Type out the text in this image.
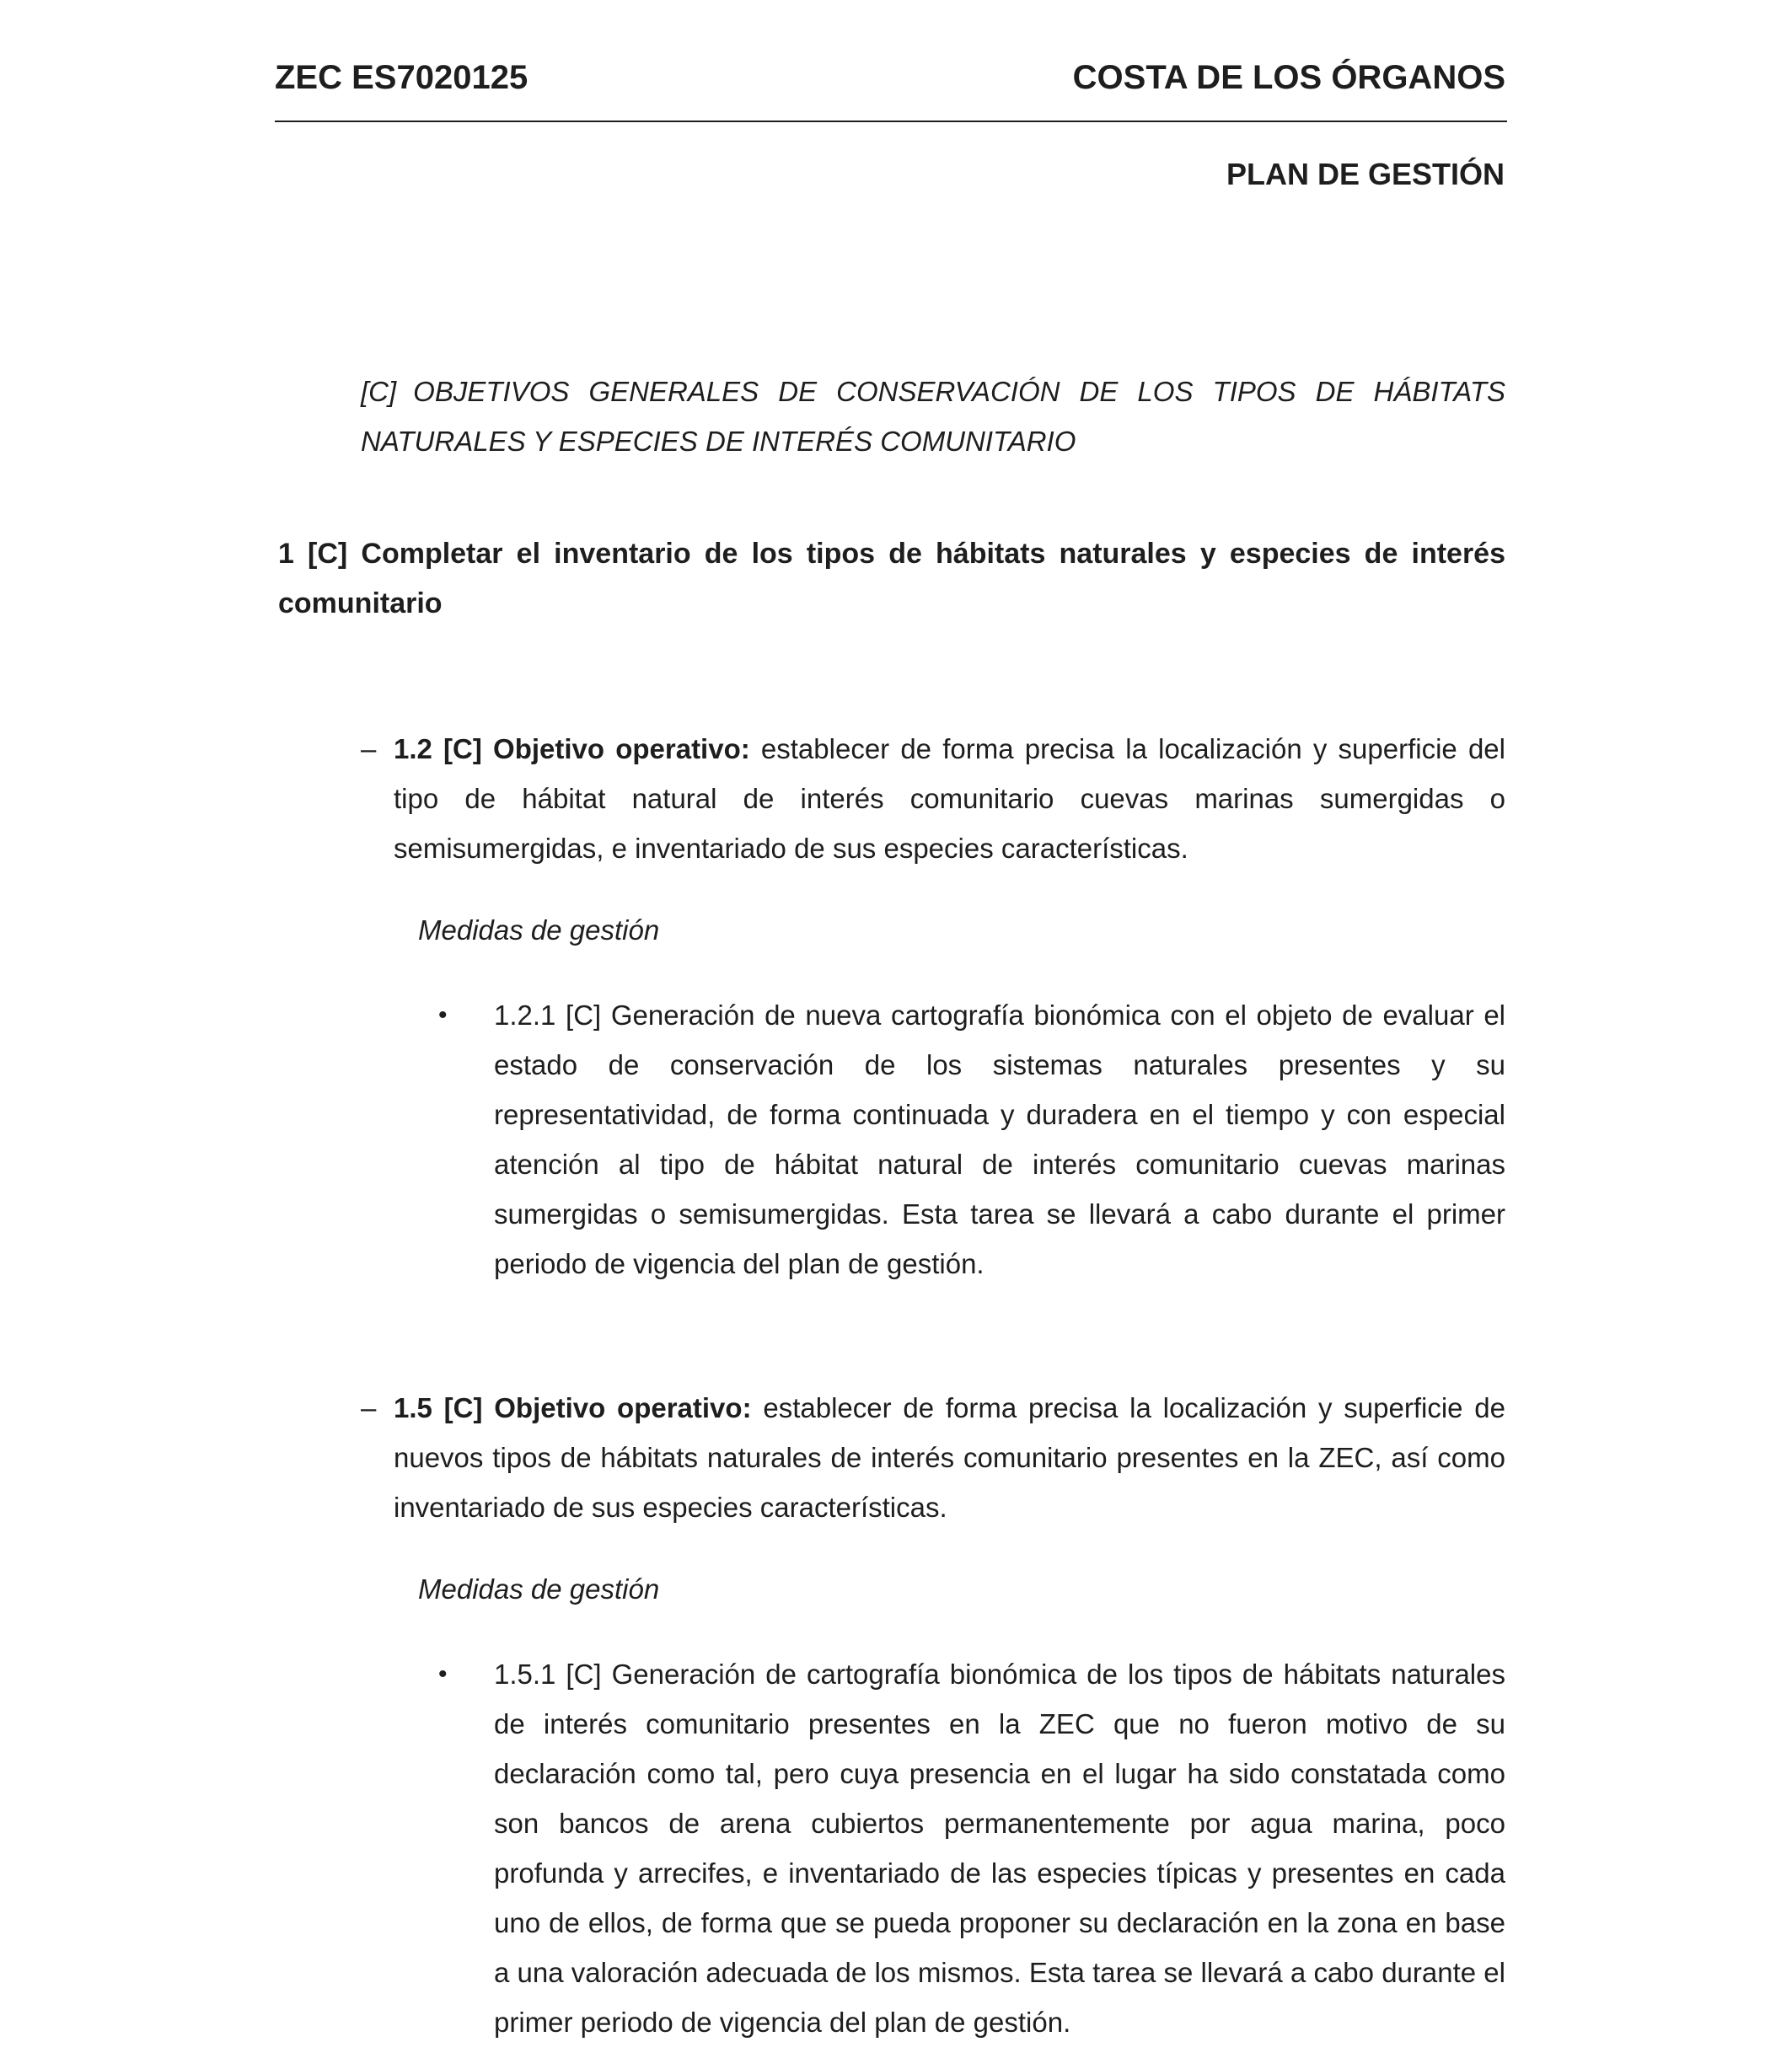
ZEC ES7020125	COSTA DE LOS ÓRGANOS
PLAN DE GESTIÓN
[C] OBJETIVOS GENERALES DE CONSERVACIÓN DE LOS TIPOS DE HÁBITATS NATURALES Y ESPECIES DE INTERÉS COMUNITARIO
1 [C] Completar el inventario de los tipos de hábitats naturales y especies de interés comunitario
– 1.2 [C] Objetivo operativo: establecer de forma precisa la localización y superficie del tipo de hábitat natural de interés comunitario cuevas marinas sumergidas o semisumergidas, e inventariado de sus especies características.
Medidas de gestión
• 1.2.1 [C] Generación de nueva cartografía bionómica con el objeto de evaluar el estado de conservación de los sistemas naturales presentes y su representatividad, de forma continuada y duradera en el tiempo y con especial atención al tipo de hábitat natural de interés comunitario cuevas marinas sumergidas o semisumergidas. Esta tarea se llevará a cabo durante el primer periodo de vigencia del plan de gestión.
– 1.5 [C] Objetivo operativo: establecer de forma precisa la localización y superficie de nuevos tipos de hábitats naturales de interés comunitario presentes en la ZEC, así como inventariado de sus especies características.
Medidas de gestión
• 1.5.1 [C] Generación de cartografía bionómica de los tipos de hábitats naturales de interés comunitario presentes en la ZEC que no fueron motivo de su declaración como tal, pero cuya presencia en el lugar ha sido constatada como son bancos de arena cubiertos permanentemente por agua marina, poco profunda y arrecifes, e inventariado de las especies típicas y presentes en cada uno de ellos, de forma que se pueda proponer su declaración en la zona en base a una valoración adecuada de los mismos. Esta tarea se llevará a cabo durante el primer periodo de vigencia del plan de gestión.
